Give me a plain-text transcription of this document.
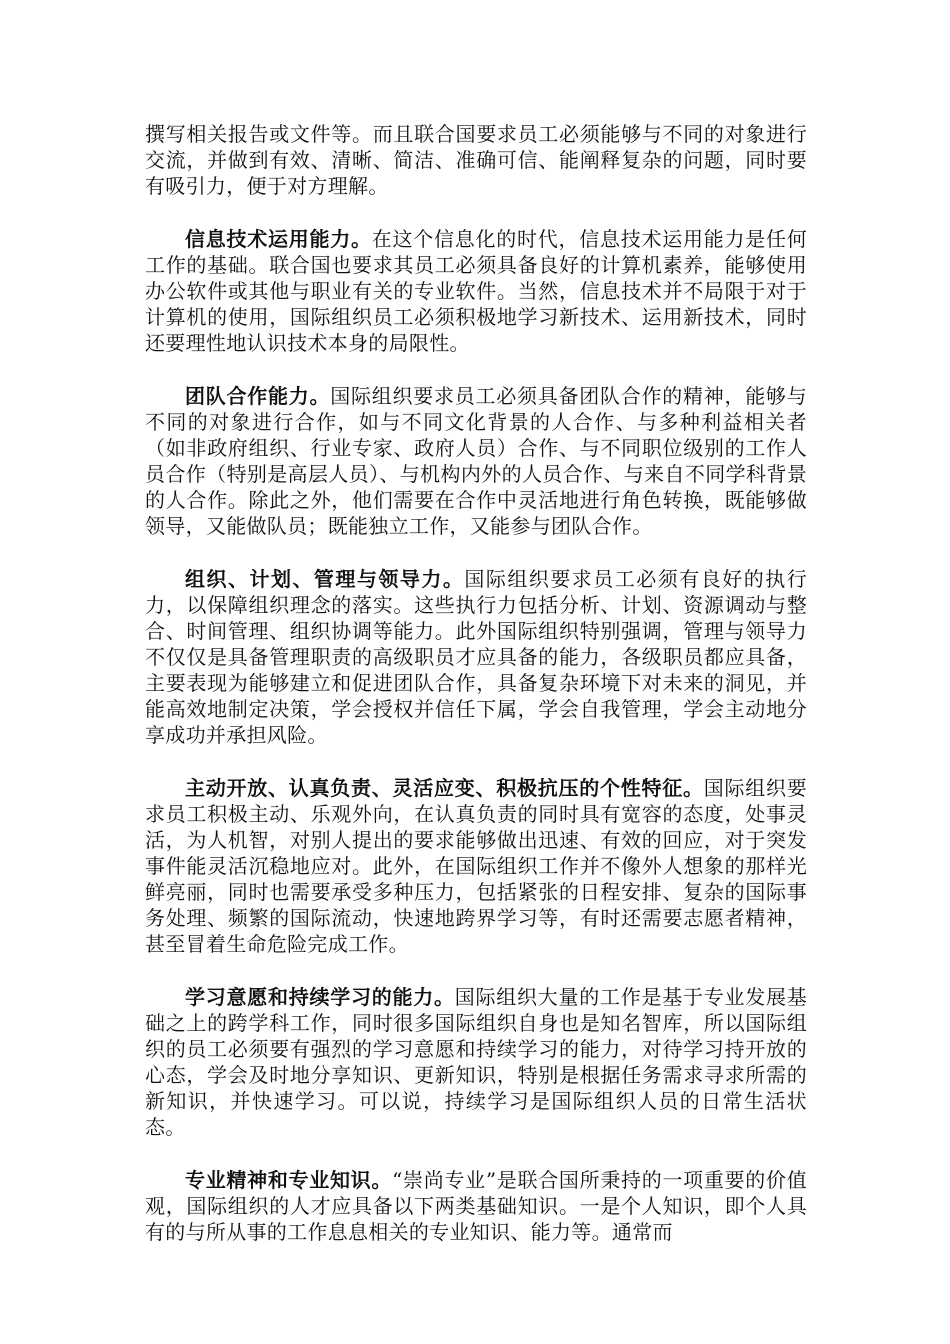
撰写相关报告或文件等。而且联合国要求员工必须能够与不同的对象进行交流，并做到有效、清晰、简洁、准确可信、能阐释复杂的问题，同时要有吸引力，便于对方理解。

信息技术运用能力。在这个信息化的时代，信息技术运用能力是任何工作的基础。联合国也要求其员工必须具备良好的计算机素养，能够使用办公软件或其他与职业有关的专业软件。当然，信息技术并不局限于对于计算机的使用，国际组织员工必须积极地学习新技术、运用新技术，同时还要理性地认识技术本身的局限性。

团队合作能力。国际组织要求员工必须具备团队合作的精神，能够与不同的对象进行合作，如与不同文化背景的人合作、与多种利益相关者（如非政府组织、行业专家、政府人员）合作、与不同职位级别的工作人员合作（特别是高层人员）、与机构内外的人员合作、与来自不同学科背景的人合作。除此之外，他们需要在合作中灵活地进行角色转换，既能够做领导，又能做队员；既能独立工作，又能参与团队合作。

组织、计划、管理与领导力。国际组织要求员工必须有良好的执行力，以保障组织理念的落实。这些执行力包括分析、计划、资源调动与整合、时间管理、组织协调等能力。此外国际组织特别强调，管理与领导力不仅仅是具备管理职责的高级职员才应具备的能力，各级职员都应具备，主要表现为能够建立和促进团队合作，具备复杂环境下对未来的洞见，并能高效地制定决策，学会授权并信任下属，学会自我管理，学会主动地分享成功并承担风险。

主动开放、认真负责、灵活应变、积极抗压的个性特征。国际组织要求员工积极主动、乐观外向，在认真负责的同时具有宽容的态度，处事灵活，为人机智，对别人提出的要求能够做出迅速、有效的回应，对于突发事件能灵活沉稳地应对。此外，在国际组织工作并不像外人想象的那样光鲜亮丽，同时也需要承受多种压力，包括紧张的日程安排、复杂的国际事务处理、频繁的国际流动，快速地跨界学习等，有时还需要志愿者精神，甚至冒着生命危险完成工作。

学习意愿和持续学习的能力。国际组织大量的工作是基于专业发展基础之上的跨学科工作，同时很多国际组织自身也是知名智库，所以国际组织的员工必须要有强烈的学习意愿和持续学习的能力，对待学习持开放的心态，学会及时地分享知识、更新知识，特别是根据任务需求寻求所需的新知识，并快速学习。可以说，持续学习是国际组织人员的日常生活状态。

专业精神和专业知识。“崇尚专业”是联合国所秉持的一项重要的价值观，国际组织的人才应具备以下两类基础知识。一是个人知识，即个人具有的与所从事的工作息息相关的专业知识、能力等。通常而
